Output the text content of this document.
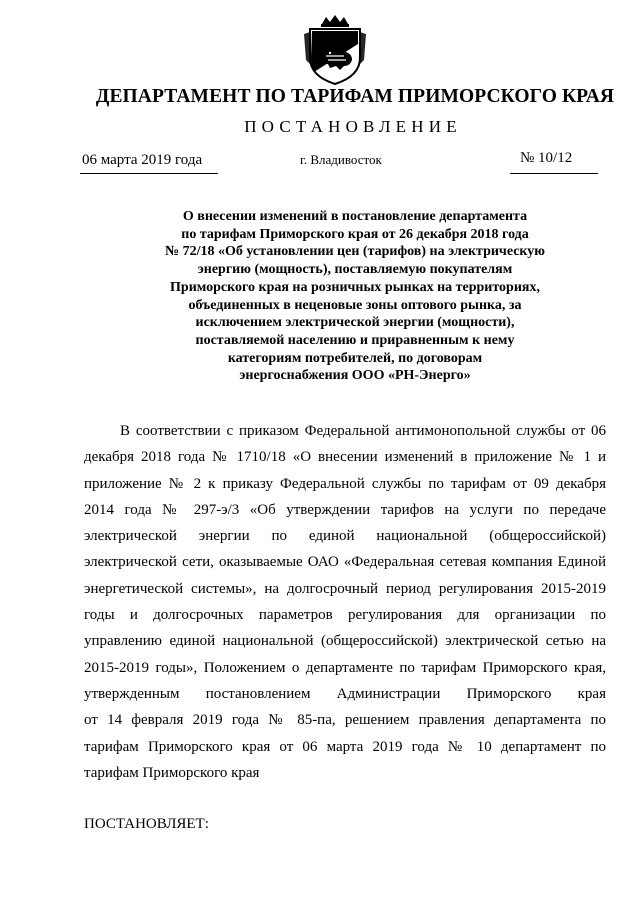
ДЕПАРТАМЕНТ ПО ТАРИФАМ ПРИМОРСКОГО КРАЯ
ПОСТАНОВЛЕНИЕ
06 марта 2019 года	г. Владивосток	№ 10/12
О внесении изменений в постановление департамента
по тарифам Приморского края от 26 декабря 2018 года
№ 72/18 «Об установлении цен (тарифов) на электрическую
энергию (мощность), поставляемую покупателям
Приморского края на розничных рынках на территориях,
объединенных в неценовые зоны оптового рынка, за
исключением электрической энергии (мощности),
поставляемой населению и приравненным к нему
категориям потребителей, по договорам
энергоснабжения ООО «РН-Энерго»
В соответствии с приказом Федеральной антимонопольной службы от 06
декабря 2018 года № 1710/18 «О внесении изменений в приложение № 1 и
приложение № 2 к приказу Федеральной службы по тарифам от 09 декабря
2014 года № 297-э/3 «Об утверждении тарифов на услуги по передаче
электрической энергии по единой национальной (общероссийской)
электрической сети, оказываемые ОАО «Федеральная сетевая компания Единой
энергетической системы», на долгосрочный период регулирования 2015-2019
годы и долгосрочных параметров регулирования для организации по
управлению единой национальной (общероссийской) электрической сетью на
2015-2019 годы», Положением о департаменте по тарифам Приморского края,
утвержденным постановлением Администрации Приморского края
от 14 февраля 2019 года № 85-па, решением правления департамента по
тарифам Приморского края от 06 марта 2019 года № 10 департамент по
тарифам Приморского края
ПОСТАНОВЛЯЕТ:
